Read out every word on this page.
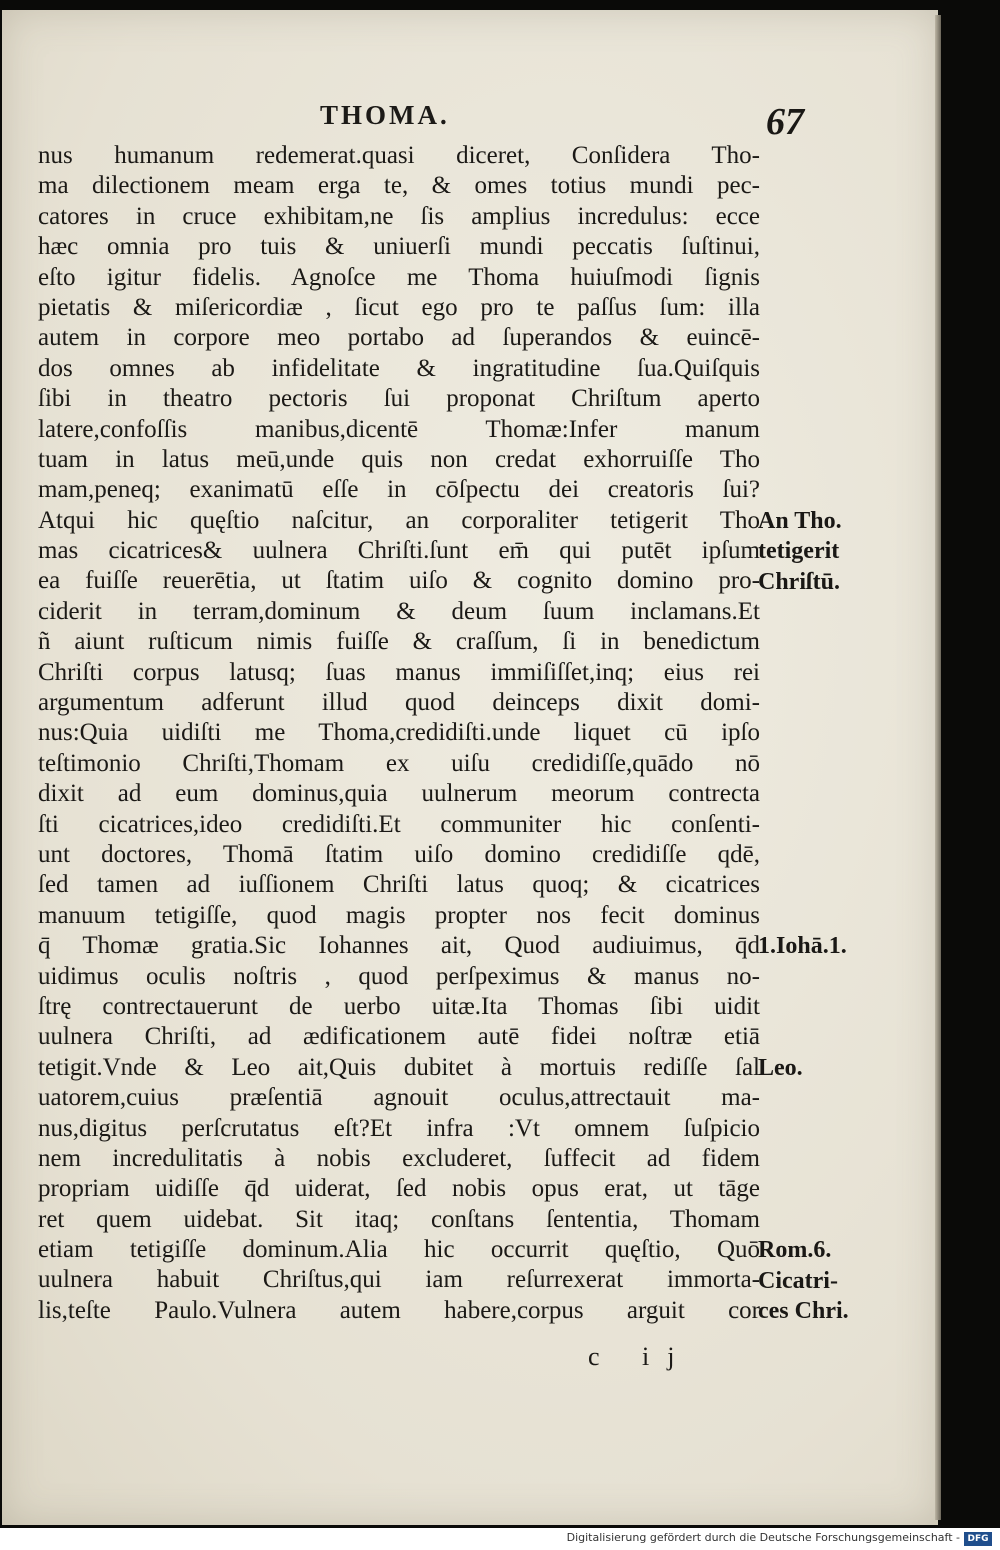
THOMA.	67
nus humanum redemerat.quasi diceret, Conſidera Tho-
ma dilectionem meam erga te, & omes totius mundi pec-
catores in cruce exhibitam,ne ſis amplius incredulus: ecce
hæc omnia pro tuis & uniuerſi mundi peccatis ſuſtinui,
eſto igitur fidelis. Agnoſce me Thoma huiuſmodi ſignis
pietatis & miſericordiæ , ſicut ego pro te paſſus ſum: illa
autem in corpore meo portabo ad ſuperandos & euincē-
dos omnes ab infidelitate & ingratitudine ſua.Quiſquis
ſibi in theatro pectoris ſui proponat Chriſtum aperto
latere,confoſſis manibus,dicentē Thomæ:Infer manum
tuam in latus meū,unde quis non credat exhorruiſſe Tho
mam,peneq; exanimatū eſſe in cōſpectu dei creatoris ſui?
Atqui hic quęſtio naſcitur, an corporaliter tetigerit Tho
mas cicatrices& uulnera Chriſti.ſunt em̄ qui putēt ipſum
ea fuiſſe reuerētia, ut ſtatim uiſo & cognito domino pro-
ciderit in terram,dominum & deum ſuum inclamans.Et
ñ aiunt ruſticum nimis fuiſſe & craſſum, ſi in benedictum
Chriſti corpus latusq; ſuas manus immiſiſſet,inq; eius rei
argumentum adferunt illud quod deinceps dixit domi-
nus:Quia uidiſti me Thoma,credidiſti.unde liquet cū ipſo
teſtimonio Chriſti,Thomam ex uiſu credidiſſe,quādo nō
dixit ad eum dominus,quia uulnerum meorum contrecta
ſti cicatrices,ideo credidiſti.Et communiter hic conſenti-
unt doctores, Thomā ſtatim uiſo domino credidiſſe qdē,
ſed tamen ad iuſſionem Chriſti latus quoq; & cicatrices
manuum tetigiſſe, quod magis propter nos fecit dominus
q̄ Thomæ gratia.Sic Iohannes ait, Quod audiuimus, q̄d
uidimus oculis noſtris , quod perſpeximus & manus no-
ſtrę contrectauerunt de uerbo uitæ.Ita Thomas ſibi uidit
uulnera Chriſti, ad ædificationem autē fidei noſtræ etiā
tetigit.Vnde & Leo ait,Quis dubitet à mortuis rediſſe ſal
uatorem,cuius præſentiā agnouit oculus,attrectauit ma-
nus,digitus perſcrutatus eſt?Et infra :Vt omnem ſuſpicio
nem incredulitatis à nobis excluderet, ſuffecit ad fidem
propriam uidiſſe q̄d uiderat, ſed nobis opus erat, ut tāge
ret quem uidebat. Sit itaq; conſtans ſententia, Thomam
etiam tetigiſſe dominum.Alia hic occurrit quęſtio, Quō
uulnera habuit Chriſtus,qui iam reſurrexerat immorta-
lis,teſte Paulo.Vulnera autem habere,corpus arguit cor
An Tho.
tetigerit
Chriſtū.
1.Iohā.1.
Leo.
Rom.6.
Cicatri-
ces Chri.
c ij
Digitalisierung gefördert durch die Deutsche Forschungsgemeinschaft - DFG
